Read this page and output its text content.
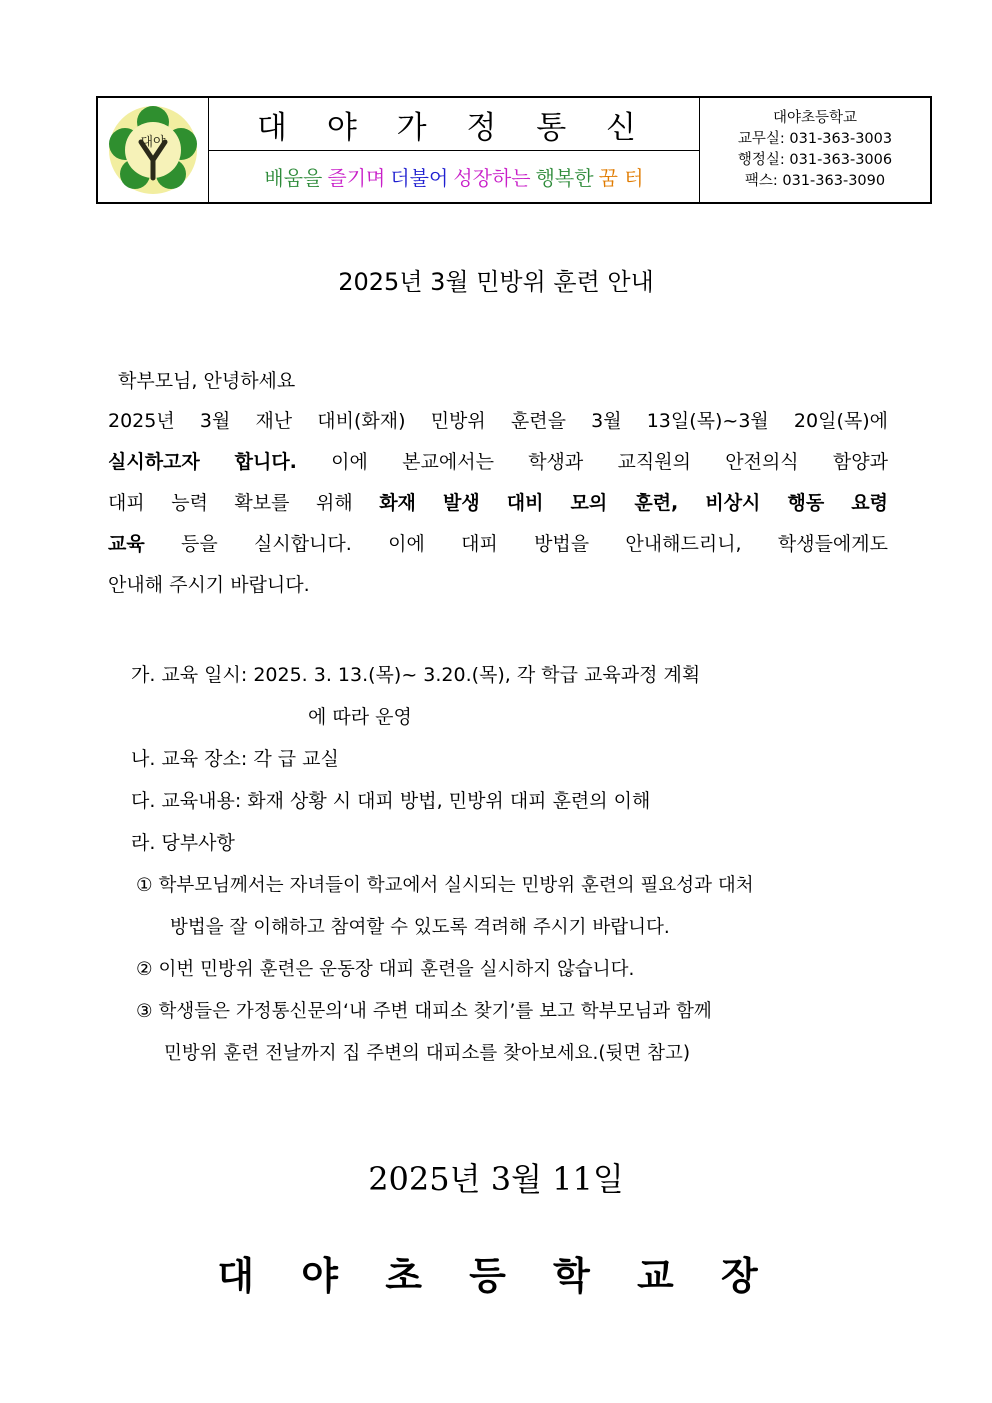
대야	대 야 가 정 통 신
배움을 즐기며 더불어 성장하는 행복한 꿈 터
대야초등학교
교무실: 031-363-3003
행정실: 031-363-3006
팩스: 031-363-3090
2025년 3월 민방위 훈련 안내
학부모님, 안녕하세요
2025년 3월 재난 대비(화재) 민방위 훈련을 3월 13일(목)~3월 20일(목)에
실시하고자 합니다. 이에 본교에서는 학생과 교직원의 안전의식 함양과
대피 능력 확보를 위해 화재 발생 대비 모의 훈련, 비상시 행동 요령
교육 등을 실시합니다. 이에 대피 방법을 안내해드리니, 학생들에게도
안내해 주시기 바랍니다.
가. 교육 일시: 2025. 3. 13.(목)~ 3.20.(목), 각 학급 교육과정 계획
에 따라 운영
나. 교육 장소: 각 급 교실
다. 교육내용: 화재 상황 시 대피 방법, 민방위 대피 훈련의 이해
라. 당부사항
① 학부모님께서는 자녀들이 학교에서 실시되는 민방위 훈련의 필요성과 대처
방법을 잘 이해하고 참여할 수 있도록 격려해 주시기 바랍니다.
② 이번 민방위 훈련은 운동장 대피 훈련을 실시하지 않습니다.
③ 학생들은 가정통신문의‘내 주변 대피소 찾기’를 보고 학부모님과 함께
민방위 훈련 전날까지 집 주변의 대피소를 찾아보세요.(뒷면 참고)
2025년 3월 11일
대 야 초 등 학 교 장
